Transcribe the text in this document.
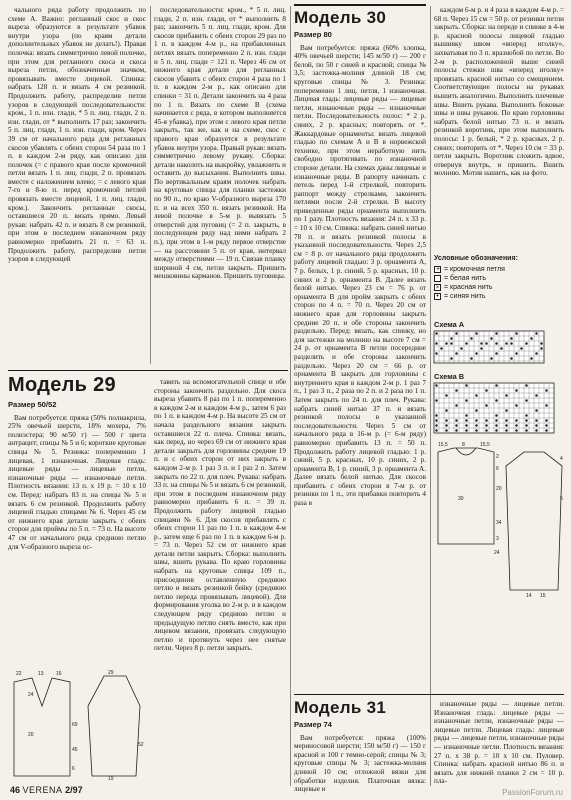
чального ряда работу продолжить по схеме А. Важно: регланный скос и скос выреза образуются в результате убавок внутри узора (по краям детали дополнительных убавок не делать!). Правая полочка: вязать симметрично левой полочке, при этом для регланного скоса и скоса выреза петли, обозначенные значком, провязывать вместе лицевой. Спинка: набрать 128 п. и вязать 4 см резинкой. Продолжить работу, распределив петли узоров в следующей последовательности: кром., 1 п. изн. глади, * 5 п. лиц. глади, 2 п. изн. глади, от * выполнить 17 раз; закончить 5 п. лиц. глади, 1 п. изн. глади, кром. Через 39 см от начального ряда для регланных скосов убавлять с обеих сторон 54 раза по 1 п. в каждом 2-м ряду, как описано для полочек (= с правого края после кромочной петли вязать 1 п. лиц. глади, 2 п. провязать вместе с наложением влево; = с левого края 7-го и 8-ю п. перед кромочной петлей провязать вместе лицевой, 1 п. лиц. глади, кром.). Закончить регланные скосы, оставшиеся 20 п. вязать прямо. Левый рукав: набрать 42 п. и вязать 8 см резинкой, при этом в последнем изнаночном ряду равномерно прибавить 21 п. = 63 п. Продолжить работу, распределив петли узоров в следующей

последовательности: кром., * 5 п. лиц. глади, 2 п. изн. глади, от * выполнить 8 раз; закончить 5 п. лиц. глади, кром. Для скосов прибавить с обеих сторон 29 раз по 1 п. в каждом 4-м р., на прибавленных петлях вязать попеременно 2 п. изн. глади и 5 п. лиц. глади = 121 п. Через 46 см от нижнего края детали для регланных скосов убавить с обеих сторон 4 раза по 1 п. в каждом 2-м р., как описано для спинки = 31 п. Детали закончить на 4 раза по 1 п. Вязать по схеме В (схема начинается с ряда, в котором выполняется 45-я убавка), при этом с левого края петли закрыть, так же, как и на схеме, скос с правого края образуется в результате убавок внутри узора. Правый рукав: вязать симметрично левому рукаву. Сборка: детали наколоть на выкройку, увлажнить и оставить до высыхания. Выполнить швы. По вертикальным краям полочек набрать на круговые спицы для планки застежки по 90 п., по краю V-образного выреза 170 п. и на всех 350 п. вязать резинкой. На левой полочке в 5-м р. вывязать 5 отверстий для пуговиц (= 2 п. закрыть, в последующем ряду над ними набрать 2 п.), при этом в 1-м ряду первое отверстие — на расстоянии 5 п. от края, интервал между отверстиями — 19 п. Связав планку шириной 4 см, петли закрыть. Пришить мешковины карманов. Пришить пуговицы.

Модель 30
Размер 80

Вам потребуется: пряжа (60% хлопка, 40% овечьей шерсти; 145 м/50 г) — 200 г белой, по 50 г синей и красной; спицы № 3,5; застежка-молния длиной 18 см; круговые спицы № 3. Резинка: попеременно 1 лиц. петля, 1 изнаночная. Лицевая гладь: лицевые ряды — лицевые петли, изнаночные ряды — изнаночные петли. Последовательность полос: * 2 р. синих, 2 р. красных; повторять от *. Жаккардовые орнаменты: вязать лицевой гладью по схемам А и В в норвежской технике, при этом неработную нить свободно протягивать по изнаночной стороне детали. На схемах даны лицевые и изнаночные ряды. В рапорту начинать с петель перед 1-й стрелкой, повторить раппорт между стрелками, закончить петлями после 2-й стрелки. В высоту приведенные ряды орнамента выполнить по 1 разу. Плотность вязания: 24 п. х 33 р. = 10 х 10 см. Спинка: набрать синей нитью 78 п. и вязать резинкой полосы в указанной последовательности. Через 2,5 см = 8 р. от начального ряда продолжить работу лицевой гладью: 3 р. орнамента А, 7 р. белых, 1 р. синий, 5 р. красных, 10 р. синих и 2 р. орнамента В. Далее вязать белой нитью. Через 23 см = 76 р. от орнамента В для пройм закрыть с обеих сторон по 4 п. = 70 п. Через 20 см от нижнего края для горловины закрыть средние 20 п. и обе стороны закончить раздельно. Перед: вязать, как спинку, но для застежки на молнию на высоте 7 см = 24 р. от орнамента В петли посередине разделить и обе стороны закончить раздельно. Через 20 см = 66 р. от орнамента В закрыть для горловины с внутреннего края в каждом 2-м р. 1 раз 7 п., 1 раз 3 п., 2 раза по 2 п. и 2 раза по 1 п. Затем закрыть по 24 п. для плеч. Рукава: набрать синей нитью 37 п. и вязать резинкой полосы в указанной последовательности. Через 5 см от начального ряда в 16-м р. (= 6-м ряду) равномерно прибавить 13 п. = 50 п. Продолжить работу лицевой гладью: 1 р. синий, 5 р. красных, 10 р. синих, 2 р. орнамента В, 1 р. синий, 3 р. орнамента А. Далее вязать белой нитью. Для скосов прибавить с обеих сторон в 7-м р. от резинки по 1 п., эти прибавки повторить 4 раза в

каждом 6-м р. и 4 раза в каждом 4-м р. = 68 п. Через 15 см = 50 р. от резинки петли закрыть. Сборка: на переде и спинке в 4-м р. красной полосы лицевой гладью вышивку швом «вперед иголку», захватывая по 3 п. вразнобой по петле. Во 2-м р. расположенной выше синей полосы стежки шва «вперед иголку» провязать красной нитью со смещением. Соответствующие полосы на рукавах вышить аналогично. Выполнить плечевые швы. Вшить рукава. Выполнить боковые швы и швы рукавов. По краю горловины набрать белой нитью 73 п. и вязать резинкой воротник, при этом выполнить полосы: 1 р. белый, * 2 р. красных, 2 р. синих; повторить от *. Через 10 см = 33 р. петли закрыть. Воротник сложить вдвое, отвернув внутрь, и пришить. Вшить молнию. Мотив нашить, как на фото.

Условные обозначения:
+ = кромочная петля
= белая нить
× = красная нить
• = синяя нить
Схема А
Схема В
15,5	8	15,5
2
6
20
30
34
24
3
4
5
14 15
Модель 29
Размер 50/52

Вам потребуется: пряжа (50% полиакрила, 25% овечьей шерсти, 18% мохера, 7% полиэстера; 90 м/50 г) — 500 г цвета антрацит; спицы № 5 и 6; короткие круговые спицы № 5. Резинка: попеременно 1 лицевая, 1 изнаночная. Лицевая гладь: лицевые ряды — лицевые петли, изнаночные ряды — изнаночные петли. Плотность вязания: 13 п. х 19 р. = 10 х 10 см. Перед: набрать 83 п. на спицы № 5 и вязать 6 см резинкой. Продолжить работу лицевой гладью спицами № 6. Через 45 см от нижнего края детали закрыть с обеих сторон для проймы по 5 п. = 73 п. На высоте 47 см от начального ряда среднюю петлю для V-образного выреза ос-

22	13 16
69
45
6
29
19
20
24
52

тавить на вспомогательной спице и обе стороны закончить раздельно. Для скоса выреза убавить 8 раз по 1 п. попеременно в каждом 2-м и каждом 4-м р., затем 6 раз по 1 п. в каждом 4-м р. На высоте 25 см от начала раздельного вязания закрыть оставшиеся 22 п. плеча. Спинка: вязать, как перед, но через 69 см от нижнего края детали закрыть для горловины средние 19 п. и с обеих сторон от них закрыть в каждом 2-м р. 1 раз 3 п. и 1 раз 2 п. Затем закрыть по 22 п. для плеч. Рукава: набрать 33 п. на спицы № 5 и вязать 6 см резинкой, при этом в последнем изнаночном ряду равномерно прибавить 6 п. = 39 п. Продолжить работу лицевой гладью спицами № 6. Для скосов прибавлять с обеих сторон 11 раз по 1 п. в каждом 4-м р., затем еще 6 раз по 1 п. в каждом 6-м р. = 73 п. Через 52 см от нижнего края детали петли закрыть. Сборка: выполнить швы, вшить рукава. По краю горловины набрать на круговые спицы 109 п., присоединив оставленную среднюю петлю и вязать резинкой бейку (среднюю петлю переда провязывать лицевой). Для формирования уголка во 2-м р. и в каждом следующем ряду среднюю петлю и предыдущую петлю снять вместе, как при лицевом вязании, провязать следующую петлю и протянуть через нее снятые петли. Через 8 р. петли закрыть.

Модель 31
Размер 74

Вам потребуется: пряжа (100% мериносовой шерсти; 150 м/50 г) — 150 г красной и 100 г темно-серой; спицы № 3; круговые спицы № 3; застежка-молния длиной 10 см; отложной вязки для обработки изделия. Платочная вязка: лицевые и

изнаночные ряды — лицевые петли. Изнаночная гладь: лицевые ряды — изнаночные петли, изнаночные ряды — лицевые петли. Лицевая гладь: лицевые ряды — лицевые петли, изнаночные ряды — изнаночные петли. Плотность вязания: 27 п. х 38 р. = 10 х 10 см. Пуловер. Спинка: набрать красной нитью 86 п. и вязать для нижней планки 2 см = 10 р. пла-

46 VERENA 2/97	PassionForum.ru
